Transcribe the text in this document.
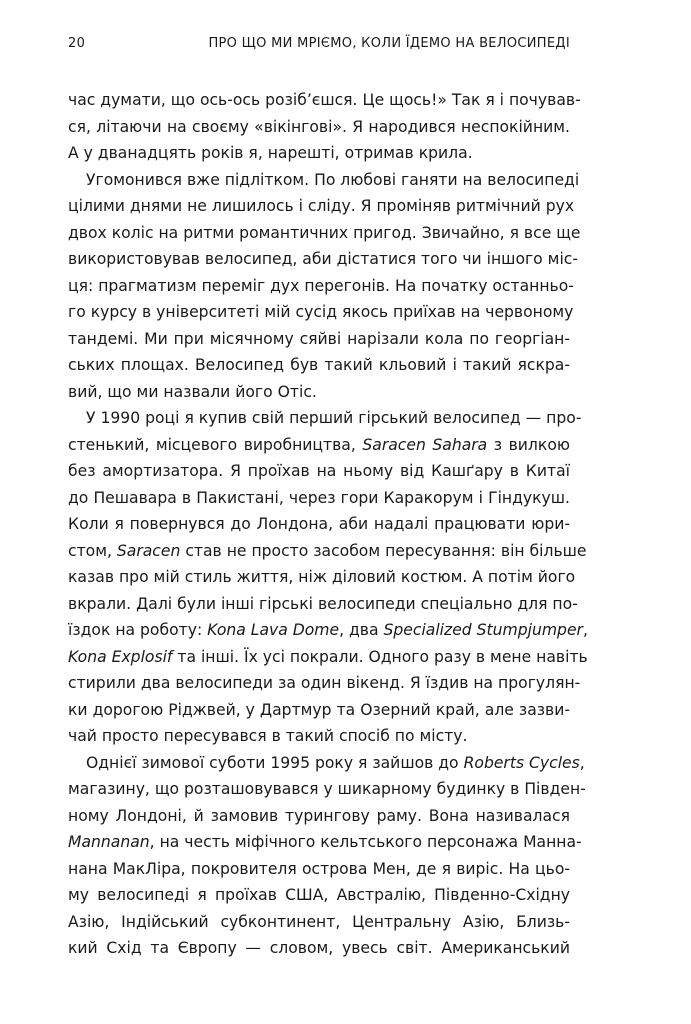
20	ПРО ЩО МИ МРІЄМО, КОЛИ ЇДЕМО НА ВЕЛОСИПЕДІ
час думати, що ось-ось розіб’єшся. Це щось!» Так я і почував-
ся, літаючи на своєму «вікінгові». Я народився неспокійним.
А у дванадцять років я, нарешті, отримав крила.
Угомонився вже підлітком. По любові ганяти на велосипеді
цілими днями не лишилось і сліду. Я проміняв ритмічний рух
двох коліс на ритми романтичних пригод. Звичайно, я все ще
використовував велосипед, аби дістатися того чи іншого міс-
ця: прагматизм переміг дух перегонів. На початку останньо-
го курсу в університеті мій сусід якось приїхав на червоному
тандемі. Ми при місячному сяйві нарізали кола по георгіан-
ських площах. Велосипед був такий кльовий і такий яскра-
вий, що ми назвали його Отіс.
У 1990 році я купив свій перший гірський велосипед — про-
стенький, місцевого виробництва, Saracen Sahara з вилкою
без амортизатора. Я проїхав на ньому від Кашґару в Китаї
до Пешавара в Пакистані, через гори Каракорум і Гіндукуш.
Коли я повернувся до Лондона, аби надалі працювати юри-
стом, Saracen став не просто засобом пересування: він більше
казав про мій стиль життя, ніж діловий костюм. А потім його
вкрали. Далі були інші гірські велосипеди спеціально для по-
їздок на роботу: Kona Lava Dome, два Specialized Stumpjumper,
Kona Explosif та інші. Їх усі покрали. Одного разу в мене навіть
стирили два велосипеди за один вікенд. Я їздив на прогулян-
ки дорогою Ріджвей, у Дартмур та Озерний край, але зазви-
чай просто пересувався в такий спосіб по місту.
Однієї зимової суботи 1995 року я зайшов до Roberts Cycles,
магазину, що розташовувався у шикарному будинку в Півден-
ному Лондоні, й замовив турингову раму. Вона називалася
Mannanan, на честь міфічного кельтського персонажа Манна-
нана МакЛіра, покровителя острова Мен, де я виріс. На цьо-
му велосипеді я проїхав США, Австралію, Південно-Східну
Азію, Індійський субконтинент, Центральну Азію, Близь-
кий Схід та Європу — словом, увесь світ. Американський
